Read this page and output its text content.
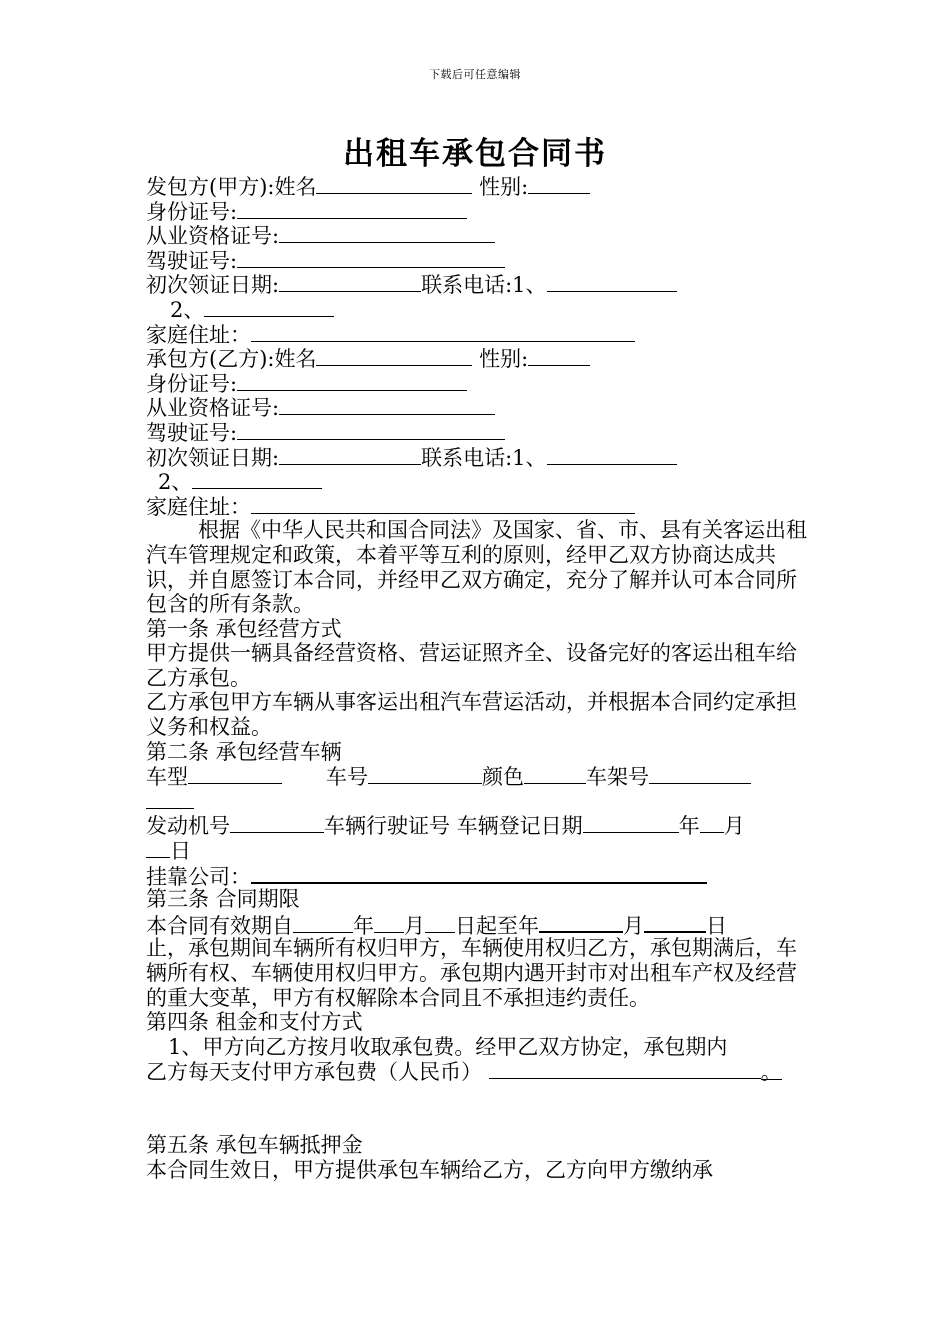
下载后可任意编辑
出租车承包合同书
发包方(甲方):姓名	性别:
身份证号:
从业资格证号:
驾驶证号:
初次领证日期:	联系电话:1、
2、
家庭住址：
承包方(乙方):姓名	性别:
身份证号:
从业资格证号:
驾驶证号:
初次领证日期:	联系电话:1、
2、
家庭住址：
根据《中华人民共和国合同法》及国家、省、市、县有关客运出租汽车管理规定和政策，本着平等互利的原则，经甲乙双方协商达成共识，并自愿签订本合同，并经甲乙双方确定，充分了解并认可本合同所包含的所有条款。
第一条 承包经营方式
甲方提供一辆具备经营资格、营运证照齐全、设备完好的客运出租车给乙方承包。
乙方承包甲方车辆从事客运出租汽车营运活动，并根据本合同约定承担义务和权益。
第二条 承包经营车辆
车型	车号	颜色	车架号
发动机号	车辆行驶证号 车辆登记日期	年 月
日
挂靠公司：
第三条 合同期限
本合同有效期自	年 月 日起至年	月	日
止，承包期间车辆所有权归甲方，车辆使用权归乙方，承包期满后，车辆所有权、车辆使用权归甲方。承包期内遇开封市对出租车产权及经营的重大变革，甲方有权解除本合同且不承担违约责任。
第四条 租金和支付方式
1、甲方向乙方按月收取承包费。经甲乙双方协定，承包期内
乙方每天支付甲方承包费（人民币）	。
第五条 承包车辆抵押金
本合同生效日，甲方提供承包车辆给乙方，乙方向甲方缴纳承
